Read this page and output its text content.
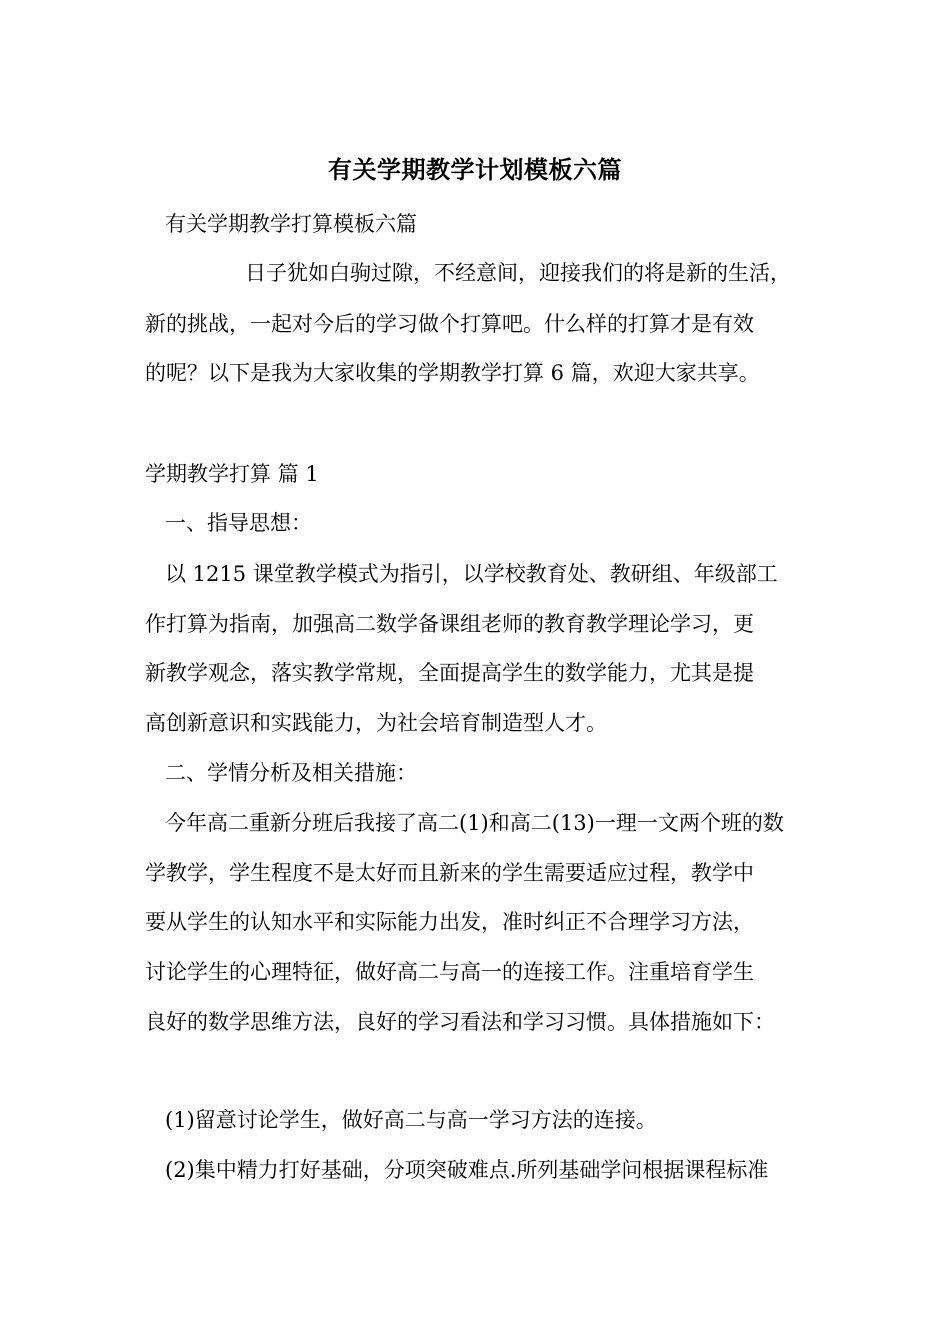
有关学期教学计划模板六篇

有关学期教学打算模板六篇

日子犹如白驹过隙，不经意间，迎接我们的将是新的生活，

新的挑战，一起对今后的学习做个打算吧。什么样的打算才是有效

的呢？以下是我为大家收集的学期教学打算 6 篇，欢迎大家共享。

学期教学打算 篇 1

一、指导思想：

以 1215 课堂教学模式为指引，以学校教育处、教研组、年级部工

作打算为指南，加强高二数学备课组老师的教育教学理论学习，更

新教学观念，落实教学常规，全面提高学生的数学能力，尤其是提

高创新意识和实践能力，为社会培育制造型人才。

二、学情分析及相关措施：

今年高二重新分班后我接了高二(1)和高二(13)一理一文两个班的数

学教学，学生程度不是太好而且新来的学生需要适应过程，教学中

要从学生的认知水平和实际能力出发，准时纠正不合理学习方法，

讨论学生的心理特征，做好高二与高一的连接工作。注重培育学生

良好的数学思维方法，良好的学习看法和学习习惯。具体措施如下：

(1)留意讨论学生，做好高二与高一学习方法的连接。

(2)集中精力打好基础，分项突破难点.所列基础学问根据课程标准
